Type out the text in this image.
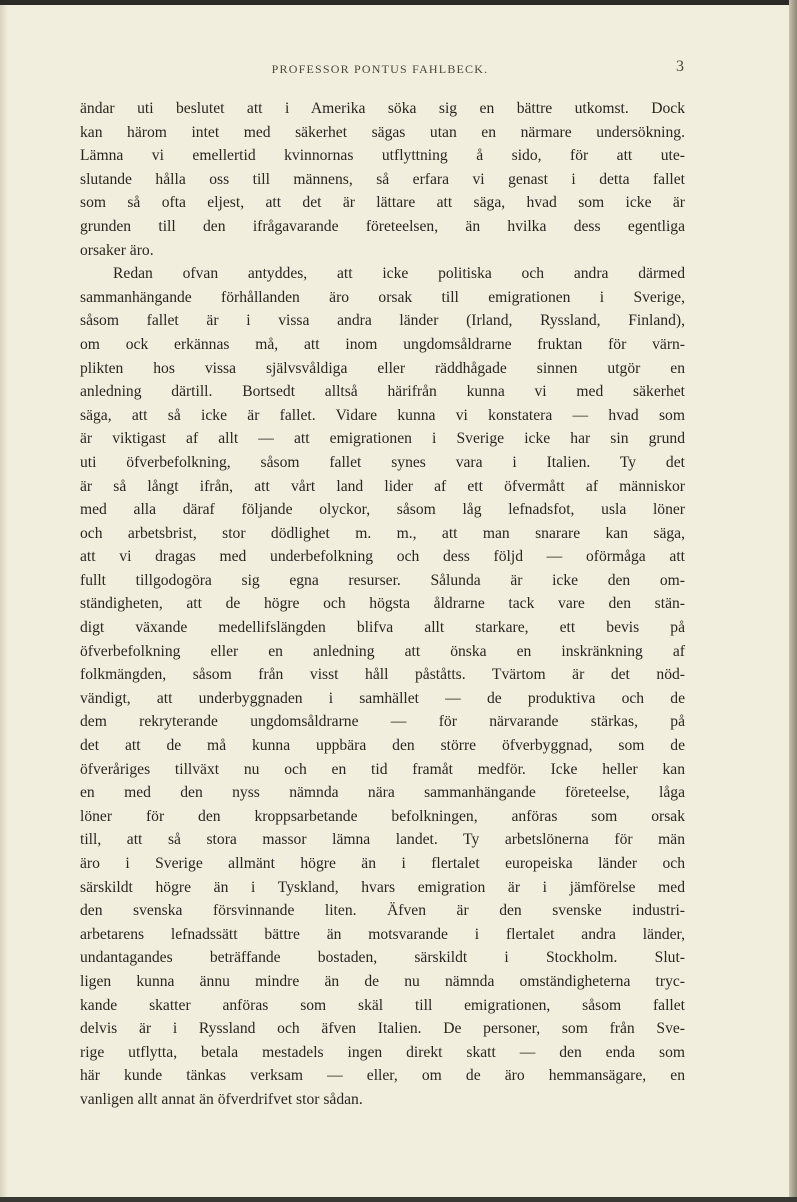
PROFESSOR PONTUS FAHLBECK.	3
ändar uti beslutet att i Amerika söka sig en bättre utkomst. Dock
kan härom intet med säkerhet sägas utan en närmare undersökning.
Lämna vi emellertid kvinnornas utflyttning å sido, för att ute-
slutande hålla oss till männens, så erfara vi genast i detta fallet
som så ofta eljest, att det är lättare att säga, hvad som icke är
grunden till den ifrågavarande företeelsen, än hvilka dess egentliga
orsaker äro.
Redan ofvan antyddes, att icke politiska och andra därmed
sammanhängande förhållanden äro orsak till emigrationen i Sverige,
såsom fallet är i vissa andra länder (Irland, Ryssland, Finland),
om ock erkännas må, att inom ungdomsåldrarne fruktan för värn-
plikten hos vissa självsvåldiga eller räddhågade sinnen utgör en
anledning därtill. Bortsedt alltså härifrån kunna vi med säkerhet
säga, att så icke är fallet. Vidare kunna vi konstatera — hvad som
är viktigast af allt — att emigrationen i Sverige icke har sin grund
uti öfverbefolkning, såsom fallet synes vara i Italien. Ty det
är så långt ifrån, att vårt land lider af ett öfvermått af människor
med alla däraf följande olyckor, såsom låg lefnadsfot, usla löner
och arbetsbrist, stor dödlighet m. m., att man snarare kan säga,
att vi dragas med underbefolkning och dess följd — oförmåga att
fullt tillgodogöra sig egna resurser. Sålunda är icke den om-
ständigheten, att de högre och högsta åldrarne tack vare den stän-
digt växande medellifslängden blifva allt starkare, ett bevis på
öfverbefolkning eller en anledning att önska en inskränkning af
folkmängden, såsom från visst håll påståtts. Tvärtom är det nöd-
vändigt, att underbyggnaden i samhället — de produktiva och de
dem rekryterande ungdomsåldrarne — för närvarande stärkas, på
det att de må kunna uppbära den större öfverbyggnad, som de
öfveråriges tillväxt nu och en tid framåt medför. Icke heller kan
en med den nyss nämnda nära sammanhängande företeelse, låga
löner för den kroppsarbetande befolkningen, anföras som orsak
till, att så stora massor lämna landet. Ty arbetslönerna för män
äro i Sverige allmänt högre än i flertalet europeiska länder och
särskildt högre än i Tyskland, hvars emigration är i jämförelse med
den svenska försvinnande liten. Äfven är den svenske industri-
arbetarens lefnadssätt bättre än motsvarande i flertalet andra länder,
undantagandes beträffande bostaden, särskildt i Stockholm. Slut-
ligen kunna ännu mindre än de nu nämnda omständigheterna tryc-
kande skatter anföras som skäl till emigrationen, såsom fallet
delvis är i Ryssland och äfven Italien. De personer, som från Sve-
rige utflytta, betala mestadels ingen direkt skatt — den enda som
här kunde tänkas verksam — eller, om de äro hemmansägare, en
vanligen allt annat än öfverdrifvet stor sådan.
